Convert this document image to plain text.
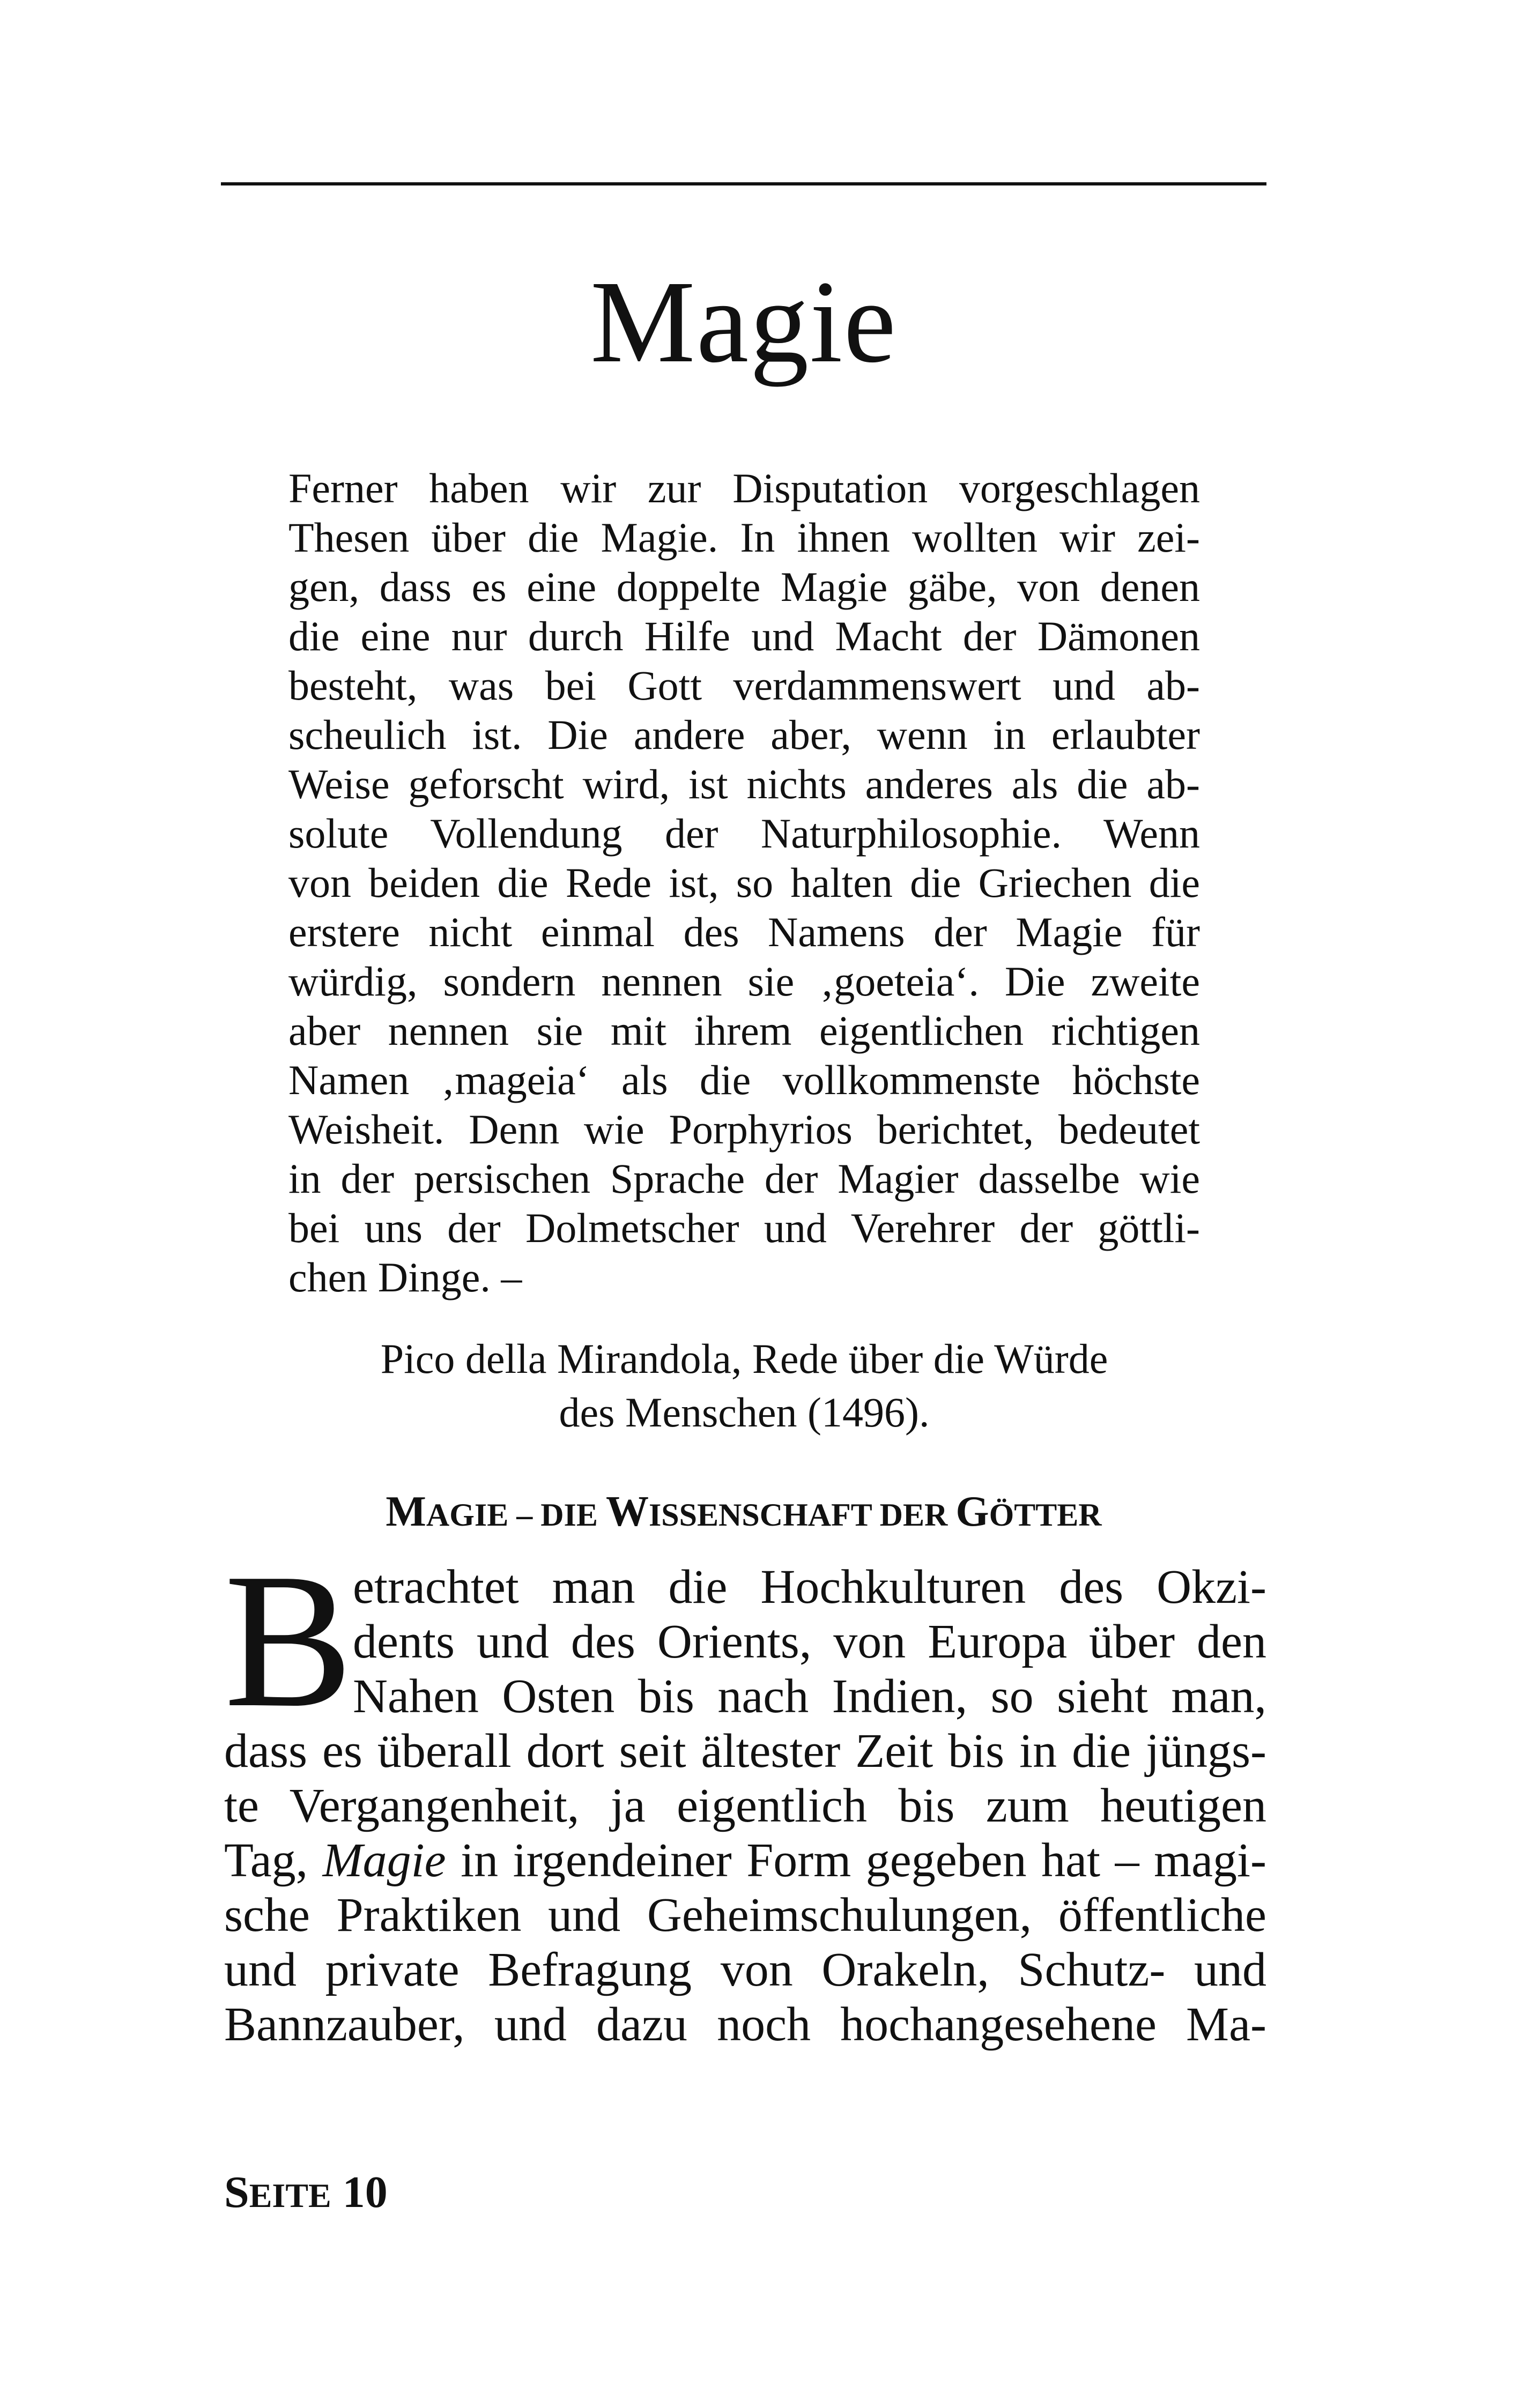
Magie
Ferner haben wir zur Disputation vorgeschlagen
Thesen über die Magie. In ihnen wollten wir zei-
gen, dass es eine doppelte Magie gäbe, von denen
die eine nur durch Hilfe und Macht der Dämonen
besteht, was bei Gott verdammenswert und ab-
scheulich ist. Die andere aber, wenn in erlaubter
Weise geforscht wird, ist nichts anderes als die ab-
solute Vollendung der Naturphilosophie. Wenn
von beiden die Rede ist, so halten die Griechen die
erstere nicht einmal des Namens der Magie für
würdig, sondern nennen sie ‚goeteia‘. Die zweite
aber nennen sie mit ihrem eigentlichen richtigen
Namen ‚mageia‘ als die vollkommenste höchste
Weisheit. Denn wie Porphyrios berichtet, bedeutet
in der persischen Sprache der Magier dasselbe wie
bei uns der Dolmetscher und Verehrer der göttli-
chen Dinge. –
Pico della Mirandola, Rede über die Würde
des Menschen (1496).
MAGIE – DIE WISSENSCHAFT DER GÖTTER
B etrachtet man die Hochkulturen des Okzi-
dents und des Orients, von Europa über den
Nahen Osten bis nach Indien, so sieht man,
dass es überall dort seit ältester Zeit bis in die jüngs-
te Vergangenheit, ja eigentlich bis zum heutigen
Tag, Magie in irgendeiner Form gegeben hat – magi-
sche Praktiken und Geheimschulungen, öffentliche
und private Befragung von Orakeln, Schutz- und
Bannzauber, und dazu noch hochangesehene Ma-
SEITE 10
